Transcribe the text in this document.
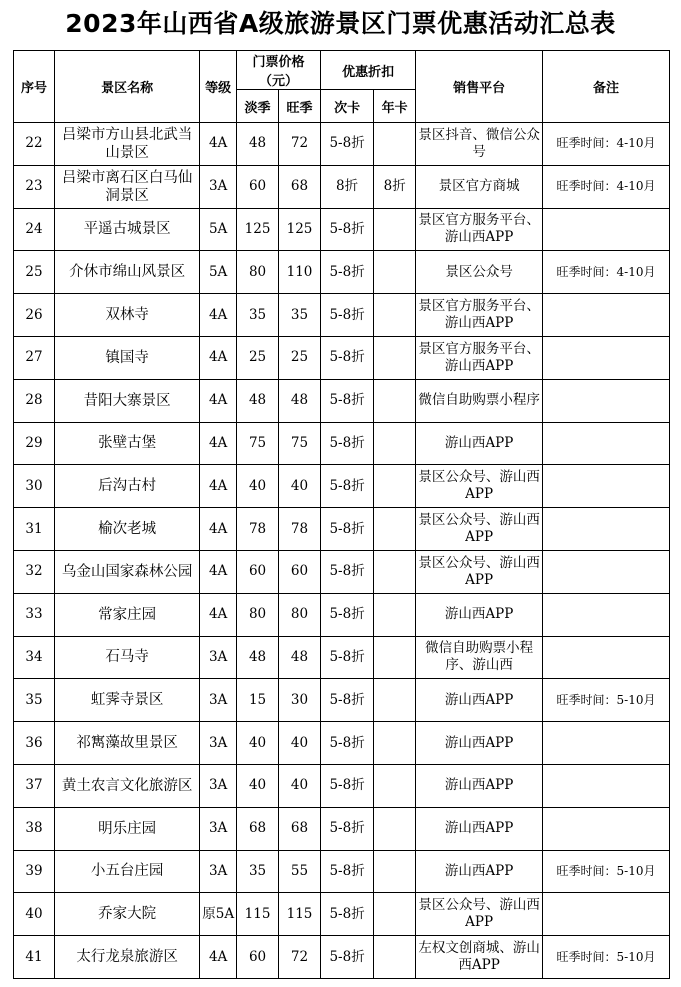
2023年山西省A级旅游景区门票优惠活动汇总表
序号	景区名称	等级	门票价格（元）		优惠折扣		销售平台	备注
			淡季	旺季	次卡	年卡		
22	吕梁市方山县北武当山景区	4A	48	72	5-8折		景区抖音、微信公众号	旺季时间：4-10月
23	吕梁市离石区白马仙洞景区	3A	60	68	8折	8折	景区官方商城	旺季时间：4-10月
24	平遥古城景区	5A	125	125	5-8折		景区官方服务平台、游山西APP	
25	介休市绵山风景区	5A	80	110	5-8折		景区公众号	旺季时间：4-10月
26	双林寺	4A	35	35	5-8折		景区官方服务平台、游山西APP	
27	镇国寺	4A	25	25	5-8折		景区官方服务平台、游山西APP	
28	昔阳大寨景区	4A	48	48	5-8折		微信自助购票小程序	
29	张壁古堡	4A	75	75	5-8折		游山西APP	
30	后沟古村	4A	40	40	5-8折		景区公众号、游山西APP	
31	榆次老城	4A	78	78	5-8折		景区公众号、游山西APP	
32	乌金山国家森林公园	4A	60	60	5-8折		景区公众号、游山西APP	
33	常家庄园	4A	80	80	5-8折		游山西APP	
34	石马寺	3A	48	48	5-8折		微信自助购票小程序、游山西	
35	虹霁寺景区	3A	15	30	5-8折		游山西APP	旺季时间：5-10月
36	祁寯藻故里景区	3A	40	40	5-8折		游山西APP	
37	黄土农言文化旅游区	3A	40	40	5-8折		游山西APP	
38	明乐庄园	3A	68	68	5-8折		游山西APP	
39	小五台庄园	3A	35	55	5-8折		游山西APP	旺季时间：5-10月
40	乔家大院	原5A	115	115	5-8折		景区公众号、游山西APP	
41	太行龙泉旅游区	4A	60	72	5-8折		左权文创商城、游山西APP	旺季时间：5-10月
